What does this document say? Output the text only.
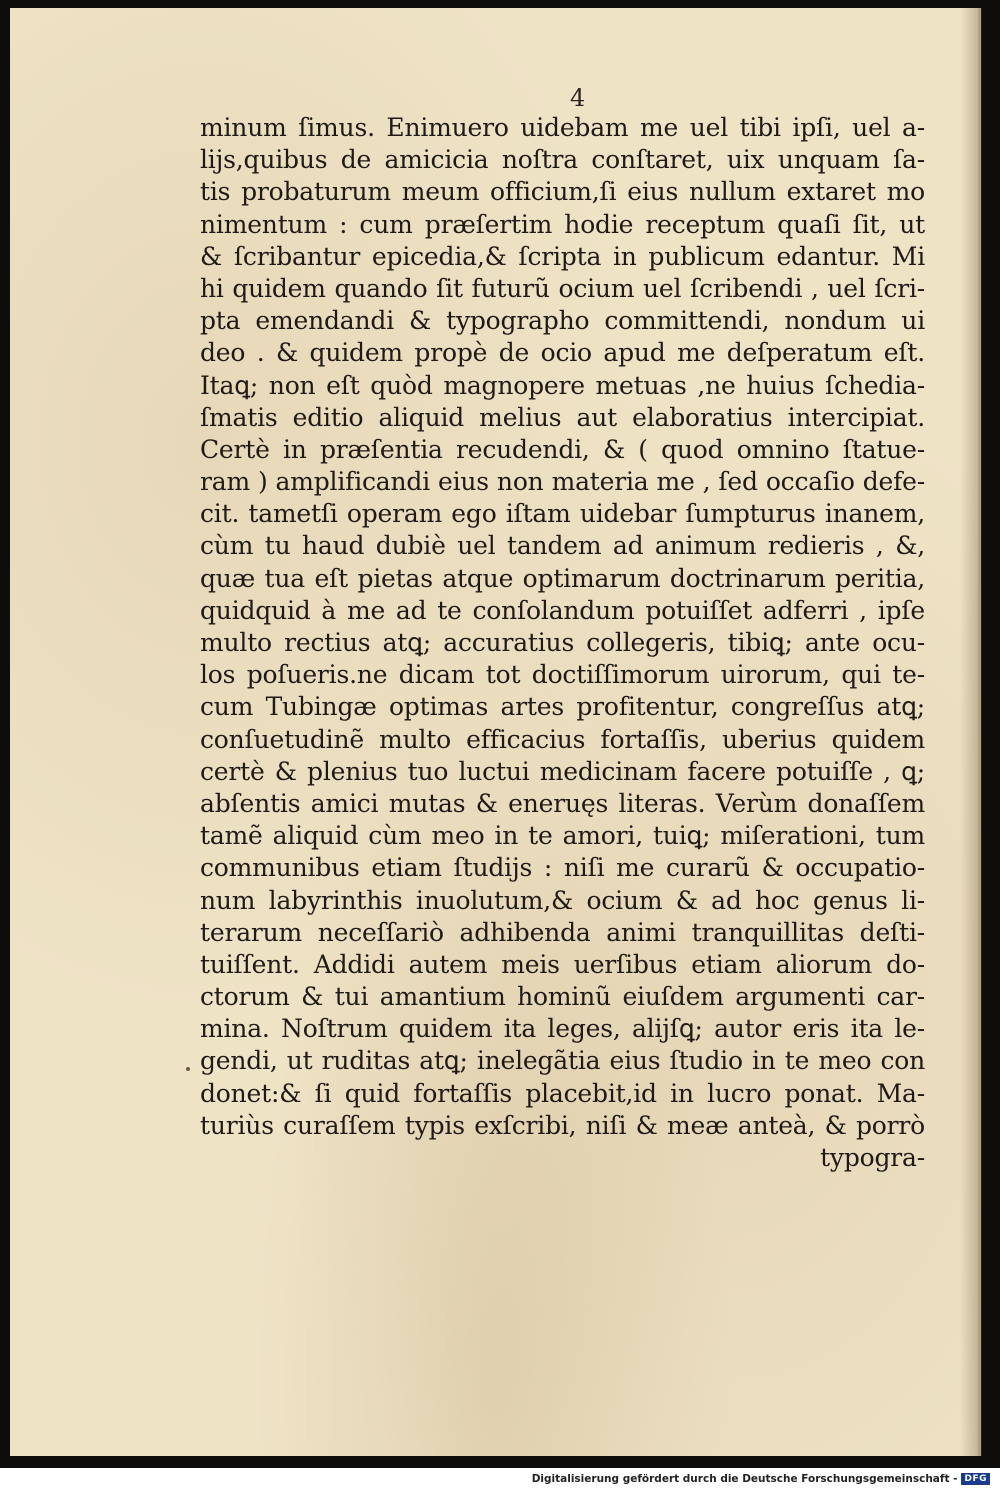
4

minum ſimus. Enimuero uidebam me uel tibi ipſi, uel a-
lijs,quibus de amicicia noſtra conſtaret, uix unquam ſa-
tis probaturum meum officium,ſi eius nullum extaret mo
nimentum : cum præſertim hodie receptum quaſi ſit, ut
& ſcribantur epicedia,& ſcripta in publicum edantur. Mi
hi quidem quando ſit futurũ ocium uel ſcribendi , uel ſcri-
pta emendandi & typographo committendi, nondum ui
deo . & quidem propè de ocio apud me deſperatum eſt.
Itaꝗ; non eſt quòd magnopere metuas ,ne huius ſchedia-
ſmatis editio aliquid melius aut elaboratius intercipiat.
Certè in præſentia recudendi, & ( quod omnino ſtatue-
ram ) amplificandi eius non materia me , ſed occaſio defe-
cit. tametſi operam ego iſtam uidebar ſumpturus inanem,
cùm tu haud dubiè uel tandem ad animum redieris , &,
quæ tua eſt pietas atque optimarum doctrinarum peritia,
quidquid à me ad te conſolandum potuiſſet adferri , ipſe
multo rectius atꝗ; accuratius collegeris, tibiꝗ; ante ocu-
los poſueris.ne dicam tot doctiſſimorum uirorum, qui te-
cum Tubingæ optimas artes profitentur, congreſſus atꝗ;
conſuetudinẽ multo efficacius fortaſſis, uberius quidem
certè & plenius tuo luctui medicinam facere potuiſſe , ꝗ;
abſentis amici mutas & eneruęs literas. Verùm donaſſem
tamẽ aliquid cùm meo in te amori, tuiꝗ; miſerationi, tum
communibus etiam ſtudijs : niſi me curarũ & occupatio-
num labyrinthis inuolutum,& ocium & ad hoc genus li-
terarum neceſſariò adhibenda animi tranquillitas deſti-
tuiſſent. Addidi autem meis uerſibus etiam aliorum do-
ctorum & tui amantium hominũ eiuſdem argumenti car-
mina. Noſtrum quidem ita leges, alijſꝗ; autor eris ita le-
gendi, ut ruditas atꝗ; inelegãtia eius ſtudio in te meo con
donet:& ſi quid fortaſſis placebit,id in lucro ponat. Ma-
turiùs curaſſem typis exſcribi, niſi & meæ anteà, & porrò
typogra-
Digitalisierung gefördert durch die Deutsche Forschungsgemeinschaft - DFG
